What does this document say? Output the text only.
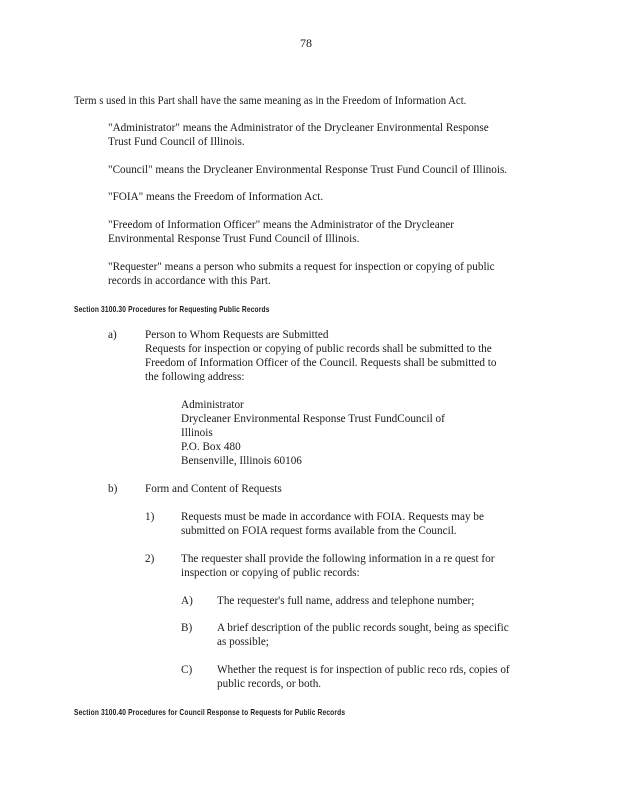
78
Term s used in this Part shall have the same meaning as in the Freedom of Information Act.
"Administrator" means the Administrator of the Drycleaner Environmental Response
Trust Fund Council of Illinois.
"Council" means the Drycleaner Environmental Response Trust Fund Council of Illinois.
"FOIA" means the Freedom of Information Act.
"Freedom of Information Officer" means the Administrator of the Drycleaner
Environmental Response Trust Fund Council of Illinois.
"Requester" means a person who submits a request for inspection or copying of public
records in accordance with this Part.
Section 3100.30 Procedures for Requesting Public Records
a)	Person to Whom Requests are Submitted
Requests for inspection or copying of public records shall be submitted to the
Freedom of Information Officer of the Council. Requests shall be submitted to
the following address:
Administrator
Drycleaner Environmental Response Trust FundCouncil of
Illinois
P.O. Box 480
Bensenville, Illinois 60106
b) Form and Content of Requests
1) Requests must be made in accordance with FOIA. Requests may be
submitted on FOIA request forms available from the Council.
2) The requester shall provide the following information in a re quest for
inspection or copying of public records:
A) The requester's full name, address and telephone number;
B) A brief description of the public records sought, being as specific
as possible;
C) Whether the request is for inspection of public reco rds, copies of
public records, or both.
Section 3100.40 Procedures for Council Response to Requests for Public Records
